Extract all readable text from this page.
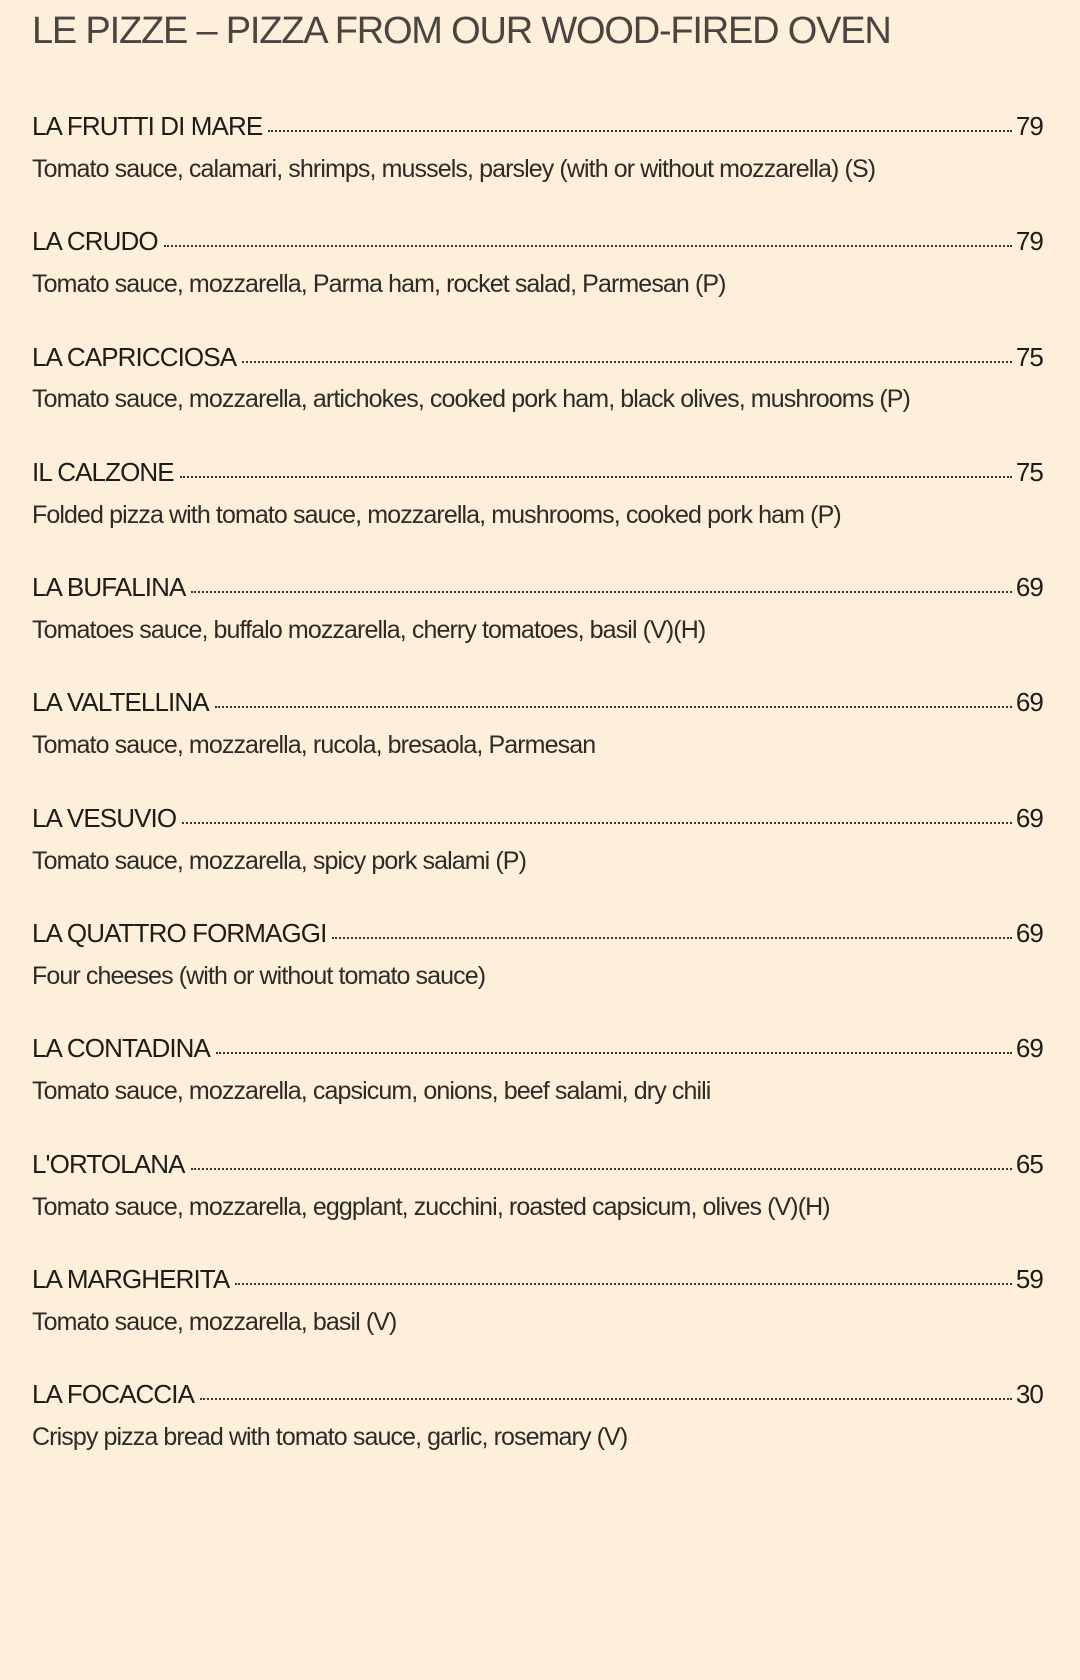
LE PIZZE – PIZZA FROM OUR WOOD-FIRED OVEN
LA FRUTTI DI MARE	79
Tomato sauce, calamari, shrimps, mussels, parsley (with or without mozzarella) (S)
LA CRUDO	79
Tomato sauce, mozzarella, Parma ham, rocket salad, Parmesan (P)
LA CAPRICCIOSA	75
Tomato sauce, mozzarella, artichokes, cooked pork ham, black olives, mushrooms (P)
IL CALZONE	75
Folded pizza with tomato sauce, mozzarella, mushrooms, cooked pork ham (P)
LA BUFALINA	69
Tomatoes sauce, buffalo mozzarella, cherry tomatoes, basil (V)(H)
LA VALTELLINA	69
Tomato sauce, mozzarella, rucola, bresaola, Parmesan
LA VESUVIO	69
Tomato sauce, mozzarella, spicy pork salami (P)
LA QUATTRO FORMAGGI	69
Four cheeses (with or without tomato sauce)
LA CONTADINA	69
Tomato sauce, mozzarella, capsicum, onions, beef salami, dry chili
L'ORTOLANA	65
Tomato sauce, mozzarella, eggplant, zucchini, roasted capsicum, olives (V)(H)
LA MARGHERITA	59
Tomato sauce, mozzarella, basil (V)
LA FOCACCIA	30
Crispy pizza bread with tomato sauce, garlic, rosemary (V)
